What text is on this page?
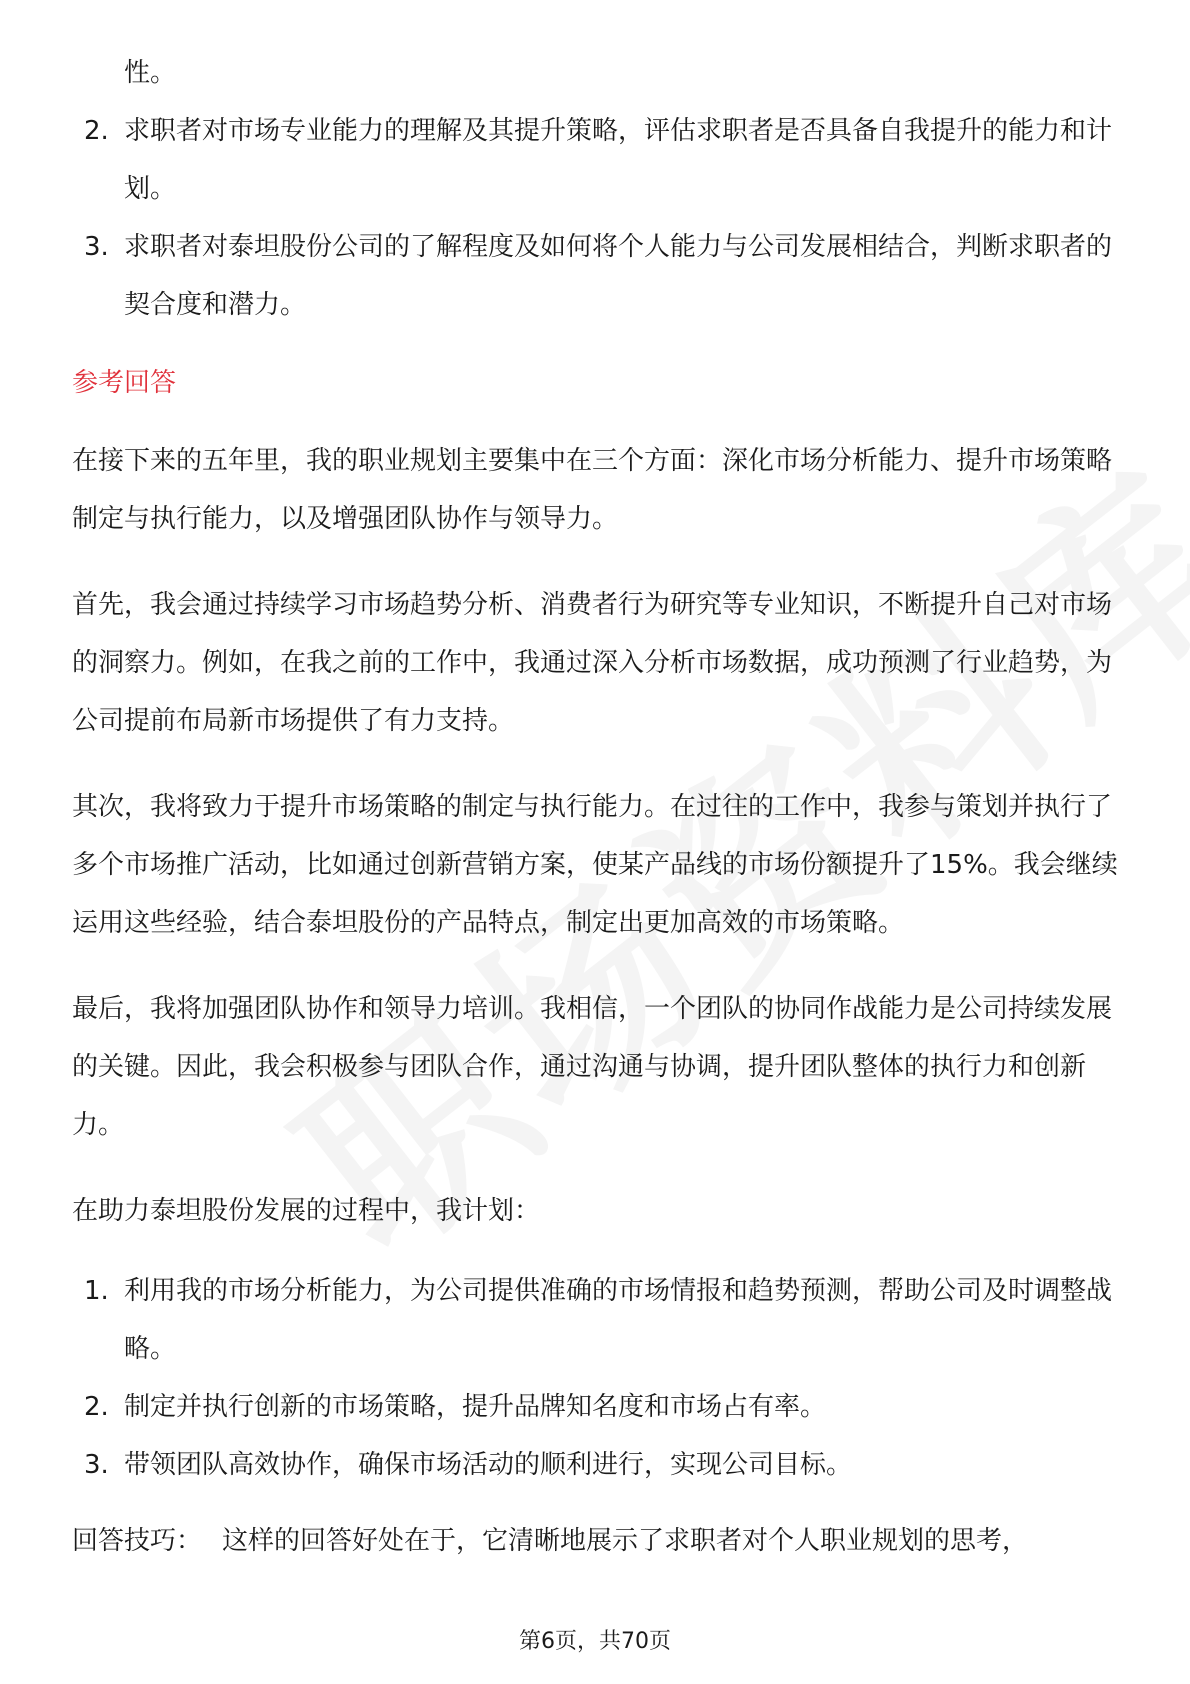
性。
2. 求职者对市场专业能力的理解及其提升策略，评估求职者是否具备自我提升的能力和计划。
3. 求职者对泰坦股份公司的了解程度及如何将个人能力与公司发展相结合，判断求职者的契合度和潜力。
参考回答

在接下来的五年里，我的职业规划主要集中在三个方面：深化市场分析能力、提升市场策略制定与执行能力，以及增强团队协作与领导力。

首先，我会通过持续学习市场趋势分析、消费者行为研究等专业知识，不断提升自己对市场的洞察力。例如，在我之前的工作中，我通过深入分析市场数据，成功预测了行业趋势，为公司提前布局新市场提供了有力支持。

其次，我将致力于提升市场策略的制定与执行能力。在过往的工作中，我参与策划并执行了多个市场推广活动，比如通过创新营销方案，使某产品线的市场份额提升了15%。我会继续运用这些经验，结合泰坦股份的产品特点，制定出更加高效的市场策略。

最后，我将加强团队协作和领导力培训。我相信，一个团队的协同作战能力是公司持续发展的关键。因此，我会积极参与团队合作，通过沟通与协调，提升团队整体的执行力和创新力。

在助力泰坦股份发展的过程中，我计划：

1. 利用我的市场分析能力，为公司提供准确的市场情报和趋势预测，帮助公司及时调整战略。
2. 制定并执行创新的市场策略，提升品牌知名度和市场占有率。
3. 带领团队高效协作，确保市场活动的顺利进行，实现公司目标。
回答技巧： 这样的回答好处在于，它清晰地展示了求职者对个人职业规划的思考，
第6页，共70页
